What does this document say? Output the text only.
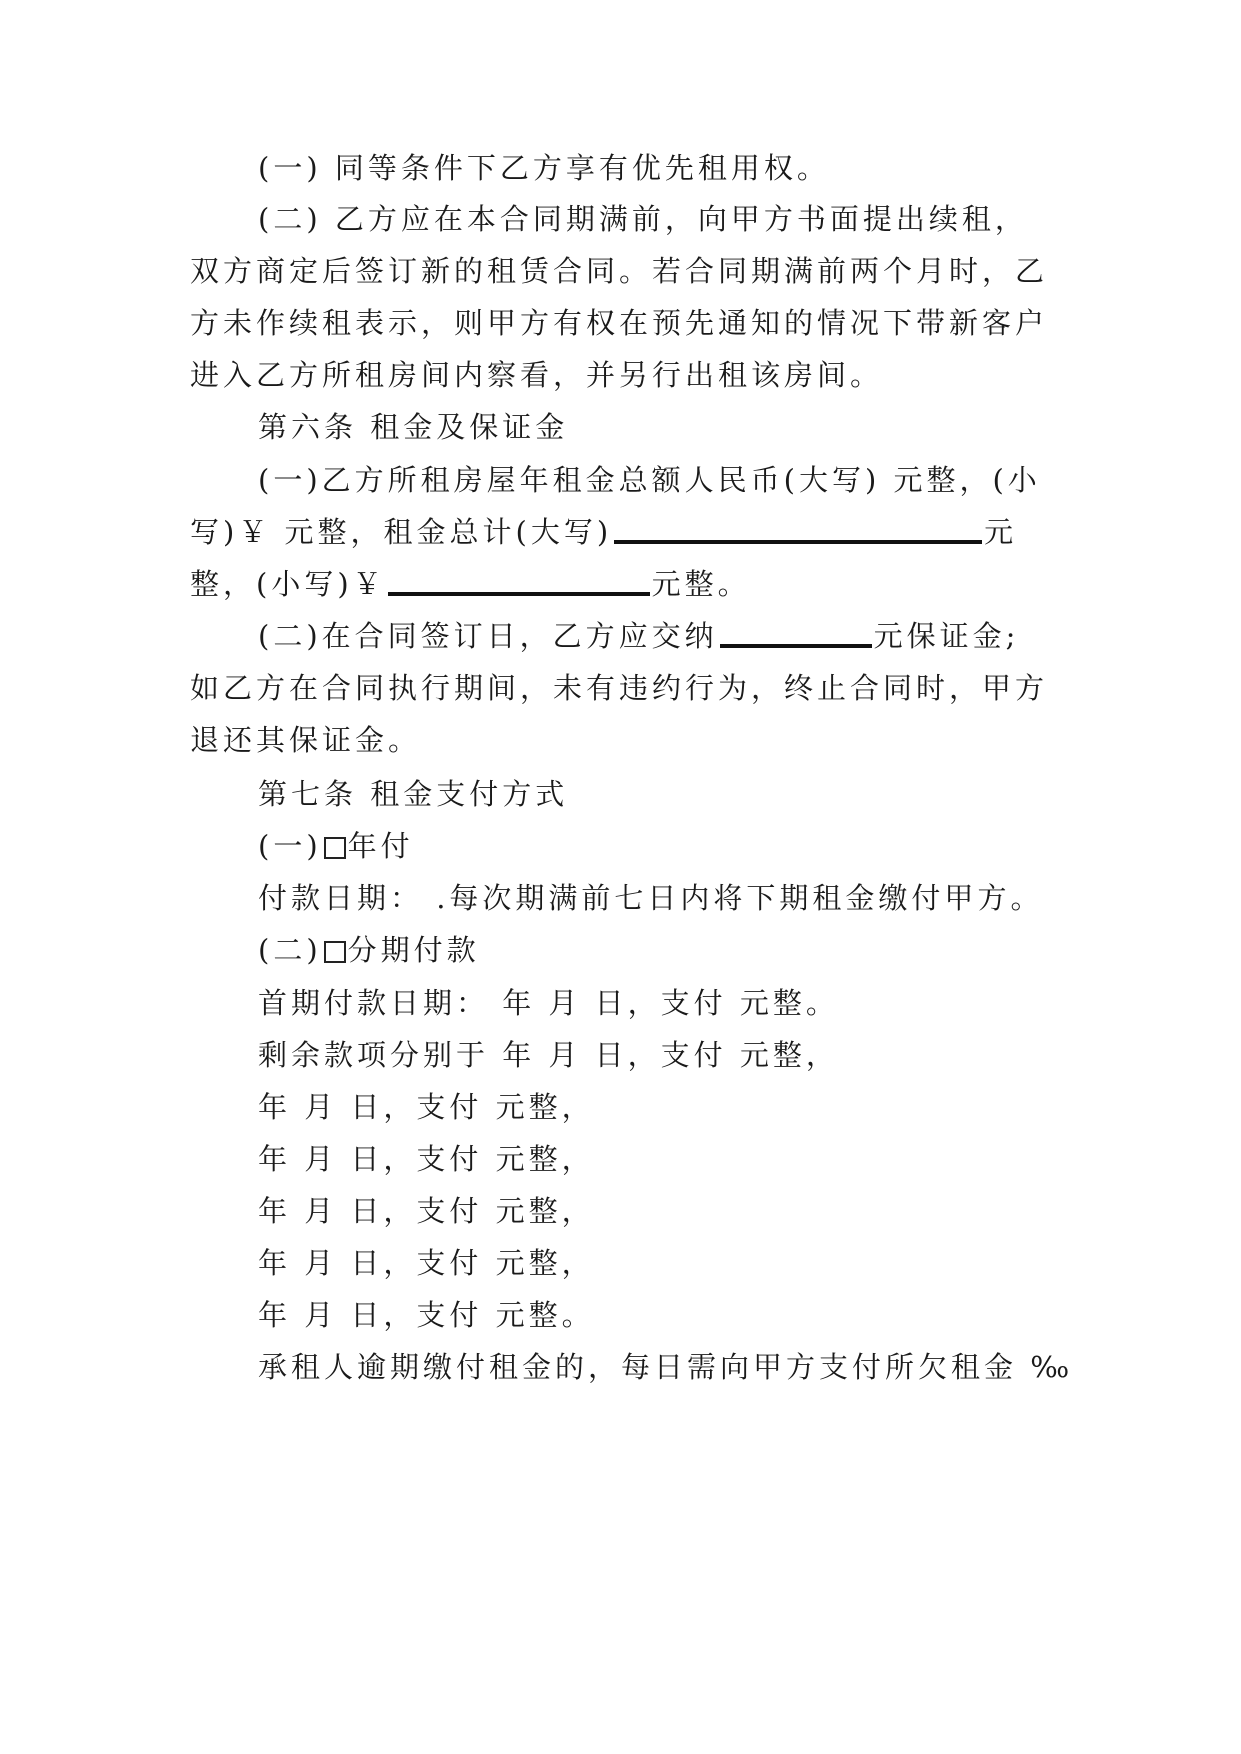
(一) 同等条件下乙方享有优先租用权。
(二) 乙方应在本合同期满前，向甲方书面提出续租，
双方商定后签订新的租赁合同。若合同期满前两个月时，乙
方未作续租表示，则甲方有权在预先通知的情况下带新客户
进入乙方所租房间内察看，并另行出租该房间。
第六条 租金及保证金
(一)乙方所租房屋年租金总额人民币(大写) 元整，(小
写)￥ 元整，租金总计(大写)	元
整，(小写)￥	元整。
(二)在合同签订日，乙方应交纳	元保证金;
如乙方在合同执行期间，未有违约行为，终止合同时，甲方
退还其保证金。
第七条 租金支付方式
(一) 年付
付款日期： .每次期满前七日内将下期租金缴付甲方。
(二) 分期付款
首期付款日期： 年 月 日，支付 元整。
剩余款项分别于 年 月 日，支付 元整，
年 月 日，支付 元整，
年 月 日，支付 元整，
年 月 日，支付 元整，
年 月 日，支付 元整，
年 月 日，支付 元整。
承租人逾期缴付租金的，每日需向甲方支付所欠租金 ‰
